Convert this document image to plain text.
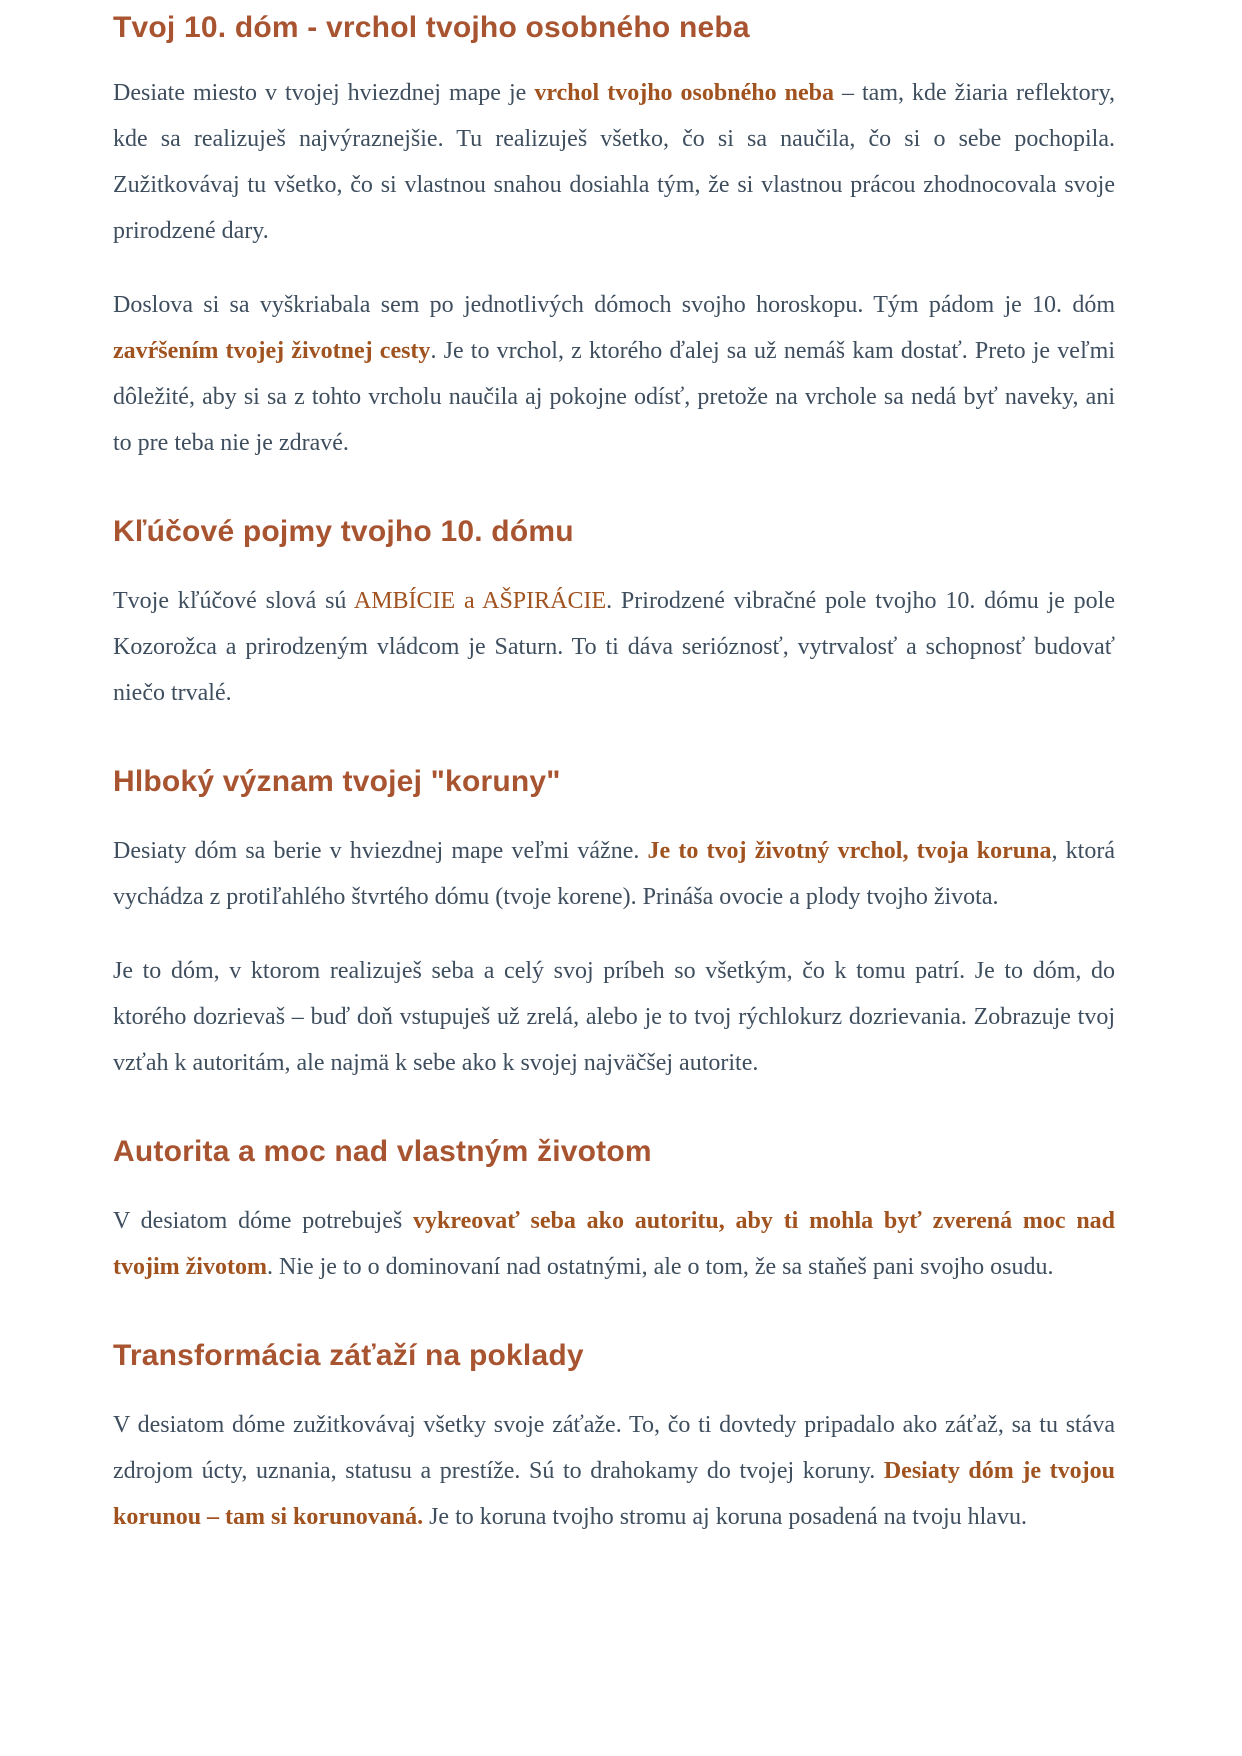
Tvoj 10. dóm - vrchol tvojho osobného neba

Desiate miesto v tvojej hviezdnej mape je vrchol tvojho osobného neba – tam, kde žiaria reflektory, kde sa realizuješ najvýraznejšie. Tu realizuješ všetko, čo si sa naučila, čo si o sebe pochopila. Zužitkovávaj tu všetko, čo si vlastnou snahou dosiahla tým, že si vlastnou prácou zhodnocovala svoje prirodzené dary.

Doslova si sa vyškriabala sem po jednotlivých dómoch svojho horoskopu. Tým pádom je 10. dóm zavŕšením tvojej životnej cesty. Je to vrchol, z ktorého ďalej sa už nemáš kam dostať. Preto je veľmi dôležité, aby si sa z tohto vrcholu naučila aj pokojne odísť, pretože na vrchole sa nedá byť naveky, ani to pre teba nie je zdravé.

Kľúčové pojmy tvojho 10. dómu

Tvoje kľúčové slová sú AMBÍCIE a AŠPIRÁCIE. Prirodzené vibračné pole tvojho 10. dómu je pole Kozorožca a prirodzeným vládcom je Saturn. To ti dáva serióznosť, vytrvalosť a schopnosť budovať niečo trvalé.

Hlboký význam tvojej "koruny"

Desiaty dóm sa berie v hviezdnej mape veľmi vážne. Je to tvoj životný vrchol, tvoja koruna, ktorá vychádza z protiľahlého štvrtého dómu (tvoje korene). Prináša ovocie a plody tvojho života.

Je to dóm, v ktorom realizuješ seba a celý svoj príbeh so všetkým, čo k tomu patrí. Je to dóm, do ktorého dozrievaš – buď doň vstupuješ už zrelá, alebo je to tvoj rýchlokurz dozrievania. Zobrazuje tvoj vzťah k autoritám, ale najmä k sebe ako k svojej najväčšej autorite.

Autorita a moc nad vlastným životom

V desiatom dóme potrebuješ vykreovať seba ako autoritu, aby ti mohla byť zverená moc nad tvojim životom. Nie je to o dominovaní nad ostatnými, ale o tom, že sa staňeš pani svojho osudu.

Transformácia záťaží na poklady

V desiatom dóme zužitkovávaj všetky svoje záťaže. To, čo ti dovtedy pripadalo ako záťaž, sa tu stáva zdrojom úcty, uznania, statusu a prestíže. Sú to drahokamy do tvojej koruny. Desiaty dóm je tvojou korunou – tam si korunovaná. Je to koruna tvojho stromu aj koruna posadená na tvoju hlavu.
